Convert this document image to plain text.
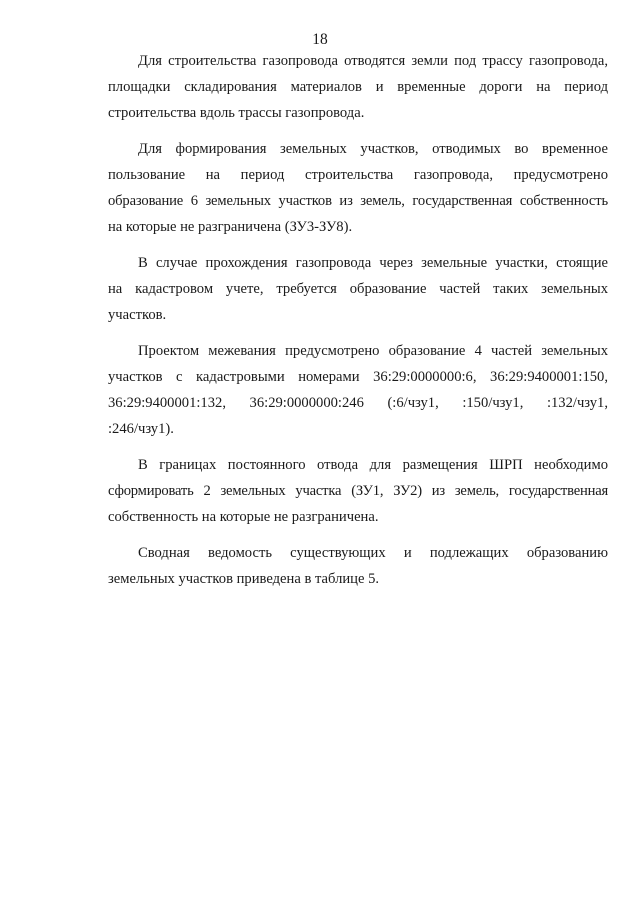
18

Для строительства газопровода отводятся земли под трассу газопровода,
площадки складирования материалов и временные дороги на период
строительства вдоль трассы газопровода.

Для формирования земельных участков, отводимых во временное
пользование на период строительства газопровода, предусмотрено
образование 6 земельных участков из земель, государственная собственность
на которые не разграничена (ЗУ3-ЗУ8).

В случае прохождения газопровода через земельные участки, стоящие
на кадастровом учете, требуется образование частей таких земельных
участков.

Проектом межевания предусмотрено образование 4 частей земельных
участков с кадастровыми номерами 36:29:0000000:6, 36:29:9400001:150,
36:29:9400001:132, 36:29:0000000:246 (:6/чзу1, :150/чзу1, :132/чзу1,
:246/чзу1).

В границах постоянного отвода для размещения ШРП необходимо
сформировать 2 земельных участка (ЗУ1, ЗУ2) из земель, государственная
собственность на которые не разграничена.

Сводная ведомость существующих и подлежащих образованию
земельных участков приведена в таблице 5.
